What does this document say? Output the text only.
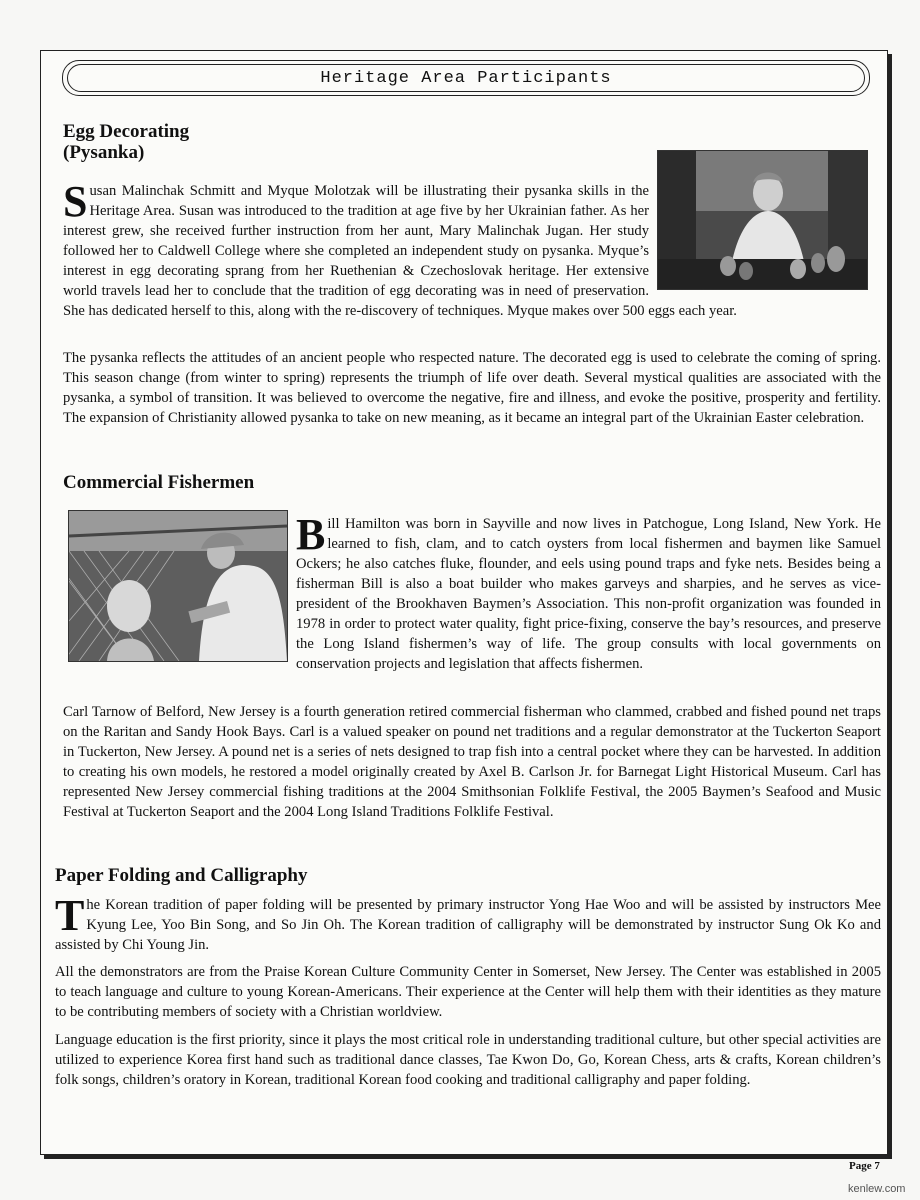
Heritage Area Participants
Egg Decorating
(Pysanka)

S usan Malinchak Schmitt and Myque Molotzak will be illustrating their pysanka skills in the Heritage Area. Susan was introduced to the tradition at age five by her Ukrainian father. As her interest grew, she received further instruction from her aunt, Mary Malinchak Jugan. Her study followed her to Caldwell College where she completed an independent study on pysanka. Myque’s interest in egg decorating sprang from her Ruethenian & Czechoslovak heritage. Her extensive world travels lead her to conclude that the tradition of egg decorating was in need of preservation. She has dedicated herself to this, along with the re-discovery of techniques. Myque makes over 500 eggs each year.

The pysanka reflects the attitudes of an ancient people who respected nature. The decorated egg is used to celebrate the coming of spring. This season change (from winter to spring) represents the triumph of life over death. Several mystical qualities are associated with the pysanka, a symbol of transition. It was believed to overcome the negative, fire and illness, and evoke the positive, prosperity and fertility. The expansion of Christianity allowed pysanka to take on new meaning, as it became an integral part of the Ukrainian Easter celebration.

Commercial Fishermen

B ill Hamilton was born in Sayville and now lives in Patchogue, Long Island, New York. He learned to fish, clam, and to catch oysters from local fishermen and baymen like Samuel Ockers; he also catches fluke, flounder, and eels using pound traps and fyke nets. Besides being a fisherman Bill is also a boat builder who makes garveys and sharpies, and he serves as vice-president of the Brookhaven Baymen’s Association. This non-profit organization was founded in 1978 in order to protect water quality, fight price-fixing, conserve the bay’s resources, and preserve the Long Island fishermen’s way of life. The group consults with local governments on conservation projects and legislation that affects fishermen.

Carl Tarnow of Belford, New Jersey is a fourth generation retired commercial fisherman who clammed, crabbed and fished pound net traps on the Raritan and Sandy Hook Bays. Carl is a valued speaker on pound net traditions and a regular demonstrator at the Tuckerton Seaport in Tuckerton, New Jersey. A pound net is a series of nets designed to trap fish into a central pocket where they can be harvested. In addition to creating his own models, he restored a model originally created by Axel B. Carlson Jr. for Barnegat Light Historical Museum. Carl has represented New Jersey commercial fishing traditions at the 2004 Smithsonian Folklife Festival, the 2005 Baymen’s Seafood and Music Festival at Tuckerton Seaport and the 2004 Long Island Traditions Folklife Festival.

Paper Folding and Calligraphy

T he Korean tradition of paper folding will be presented by primary instructor Yong Hae Woo and will be assisted by instructors Mee Kyung Lee, Yoo Bin Song, and So Jin Oh. The Korean tradition of calligraphy will be demonstrated by instructor Sung Ok Ko and assisted by Chi Young Jin.

All the demonstrators are from the Praise Korean Culture Community Center in Somerset, New Jersey. The Center was established in 2005 to teach language and culture to young Korean-Americans. Their experience at the Center will help them with their identities as they mature to be contributing members of society with a Christian worldview.

Language education is the first priority, since it plays the most critical role in understanding traditional culture, but other special activities are utilized to experience Korea first hand such as traditional dance classes, Tae Kwon Do, Go, Korean Chess, arts & crafts, Korean children’s folk songs, children’s oratory in Korean, traditional Korean food cooking and traditional calligraphy and paper folding.

Page 7
kenlew.com
